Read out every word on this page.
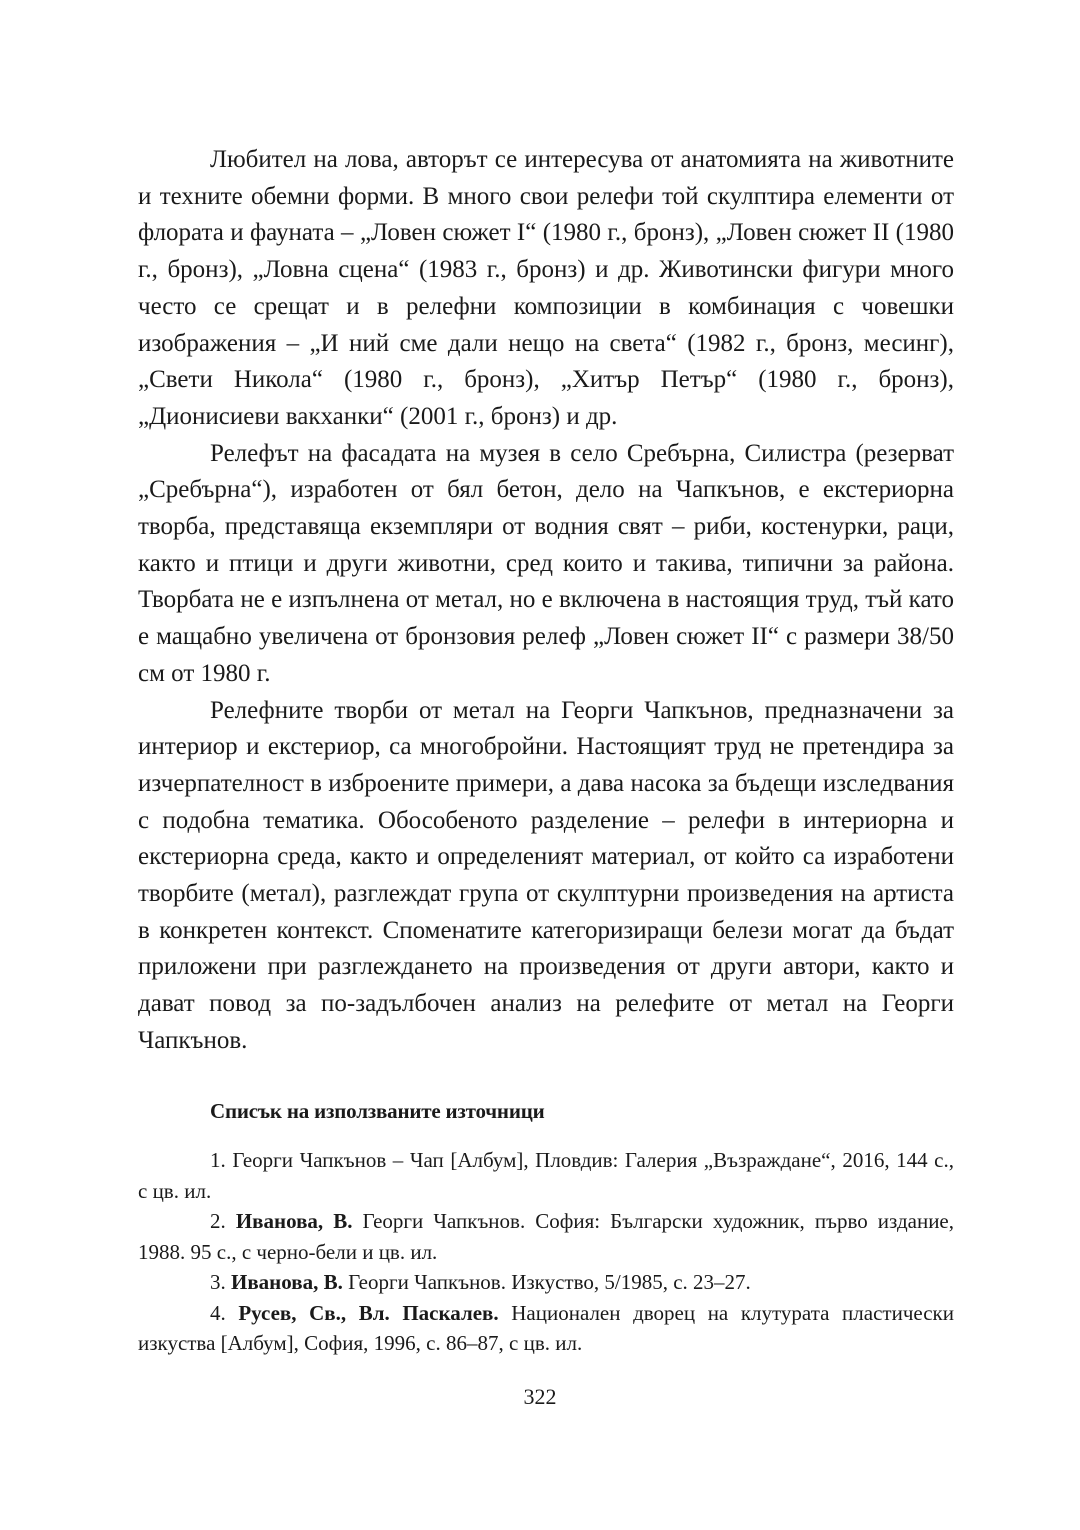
Любител на лова, авторът се интересува от анатомията на животните и техните обемни форми. В много свои релефи той скулптира елементи от флората и фауната – „Ловен сюжет I“ (1980 г., бронз), „Ловен сюжет II (1980 г., бронз), „Ловна сцена“ (1983 г., бронз) и др. Животински фигури много често се срещат и в релефни композиции в комбинация с човешки изображения – „И ний сме дали нещо на света“ (1982 г., бронз, месинг), „Свети Никола“ (1980 г., бронз), „Хитър Петър“ (1980 г., бронз), „Дионисиеви вакханки“ (2001 г., бронз) и др.

Релефът на фасадата на музея в село Сребърна, Силистра (резерват „Сребърна“), изработен от бял бетон, дело на Чапкънов, е екстериорна творба, представяща екземпляри от водния свят – риби, костенурки, раци, както и птици и други животни, сред които и такива, типични за района. Творбата не е изпълнена от метал, но е включена в настоящия труд, тъй като е мащабно увеличена от бронзовия релеф „Ловен сюжет II“ с размери 38/50 см от 1980 г.

Релефните творби от метал на Георги Чапкънов, предназначени за интериор и екстериор, са многобройни. Настоящият труд не претендира за изчерпателност в изброените примери, а дава насока за бъдещи изследвания с подобна тематика. Обособеното разделение – релефи в интериорна и екстериорна среда, както и определеният материал, от който са изработени творбите (метал), разглеждат група от скулптурни произведения на артиста в конкретен контекст. Споменатите категоризиращи белези могат да бъдат приложени при разглеждането на произведения от други автори, както и дават повод за по-задълбочен анализ на релефите от метал на Георги Чапкънов.

Списък на използваните източници

1. Георги Чапкънов – Чап [Албум], Пловдив: Галерия „Възраждане“, 2016, 144 с., с цв. ил.

2. Иванова, В. Георги Чапкънов. София: Български художник, първо издание, 1988. 95 с., с черно-бели и цв. ил.

3. Иванова, В. Георги Чапкънов. Изкуство, 5/1985, с. 23–27.

4. Русев, Св., Вл. Паскалев. Национален дворец на клутурата пластически изкуства [Албум], София, 1996, с. 86–87, с цв. ил.

322
